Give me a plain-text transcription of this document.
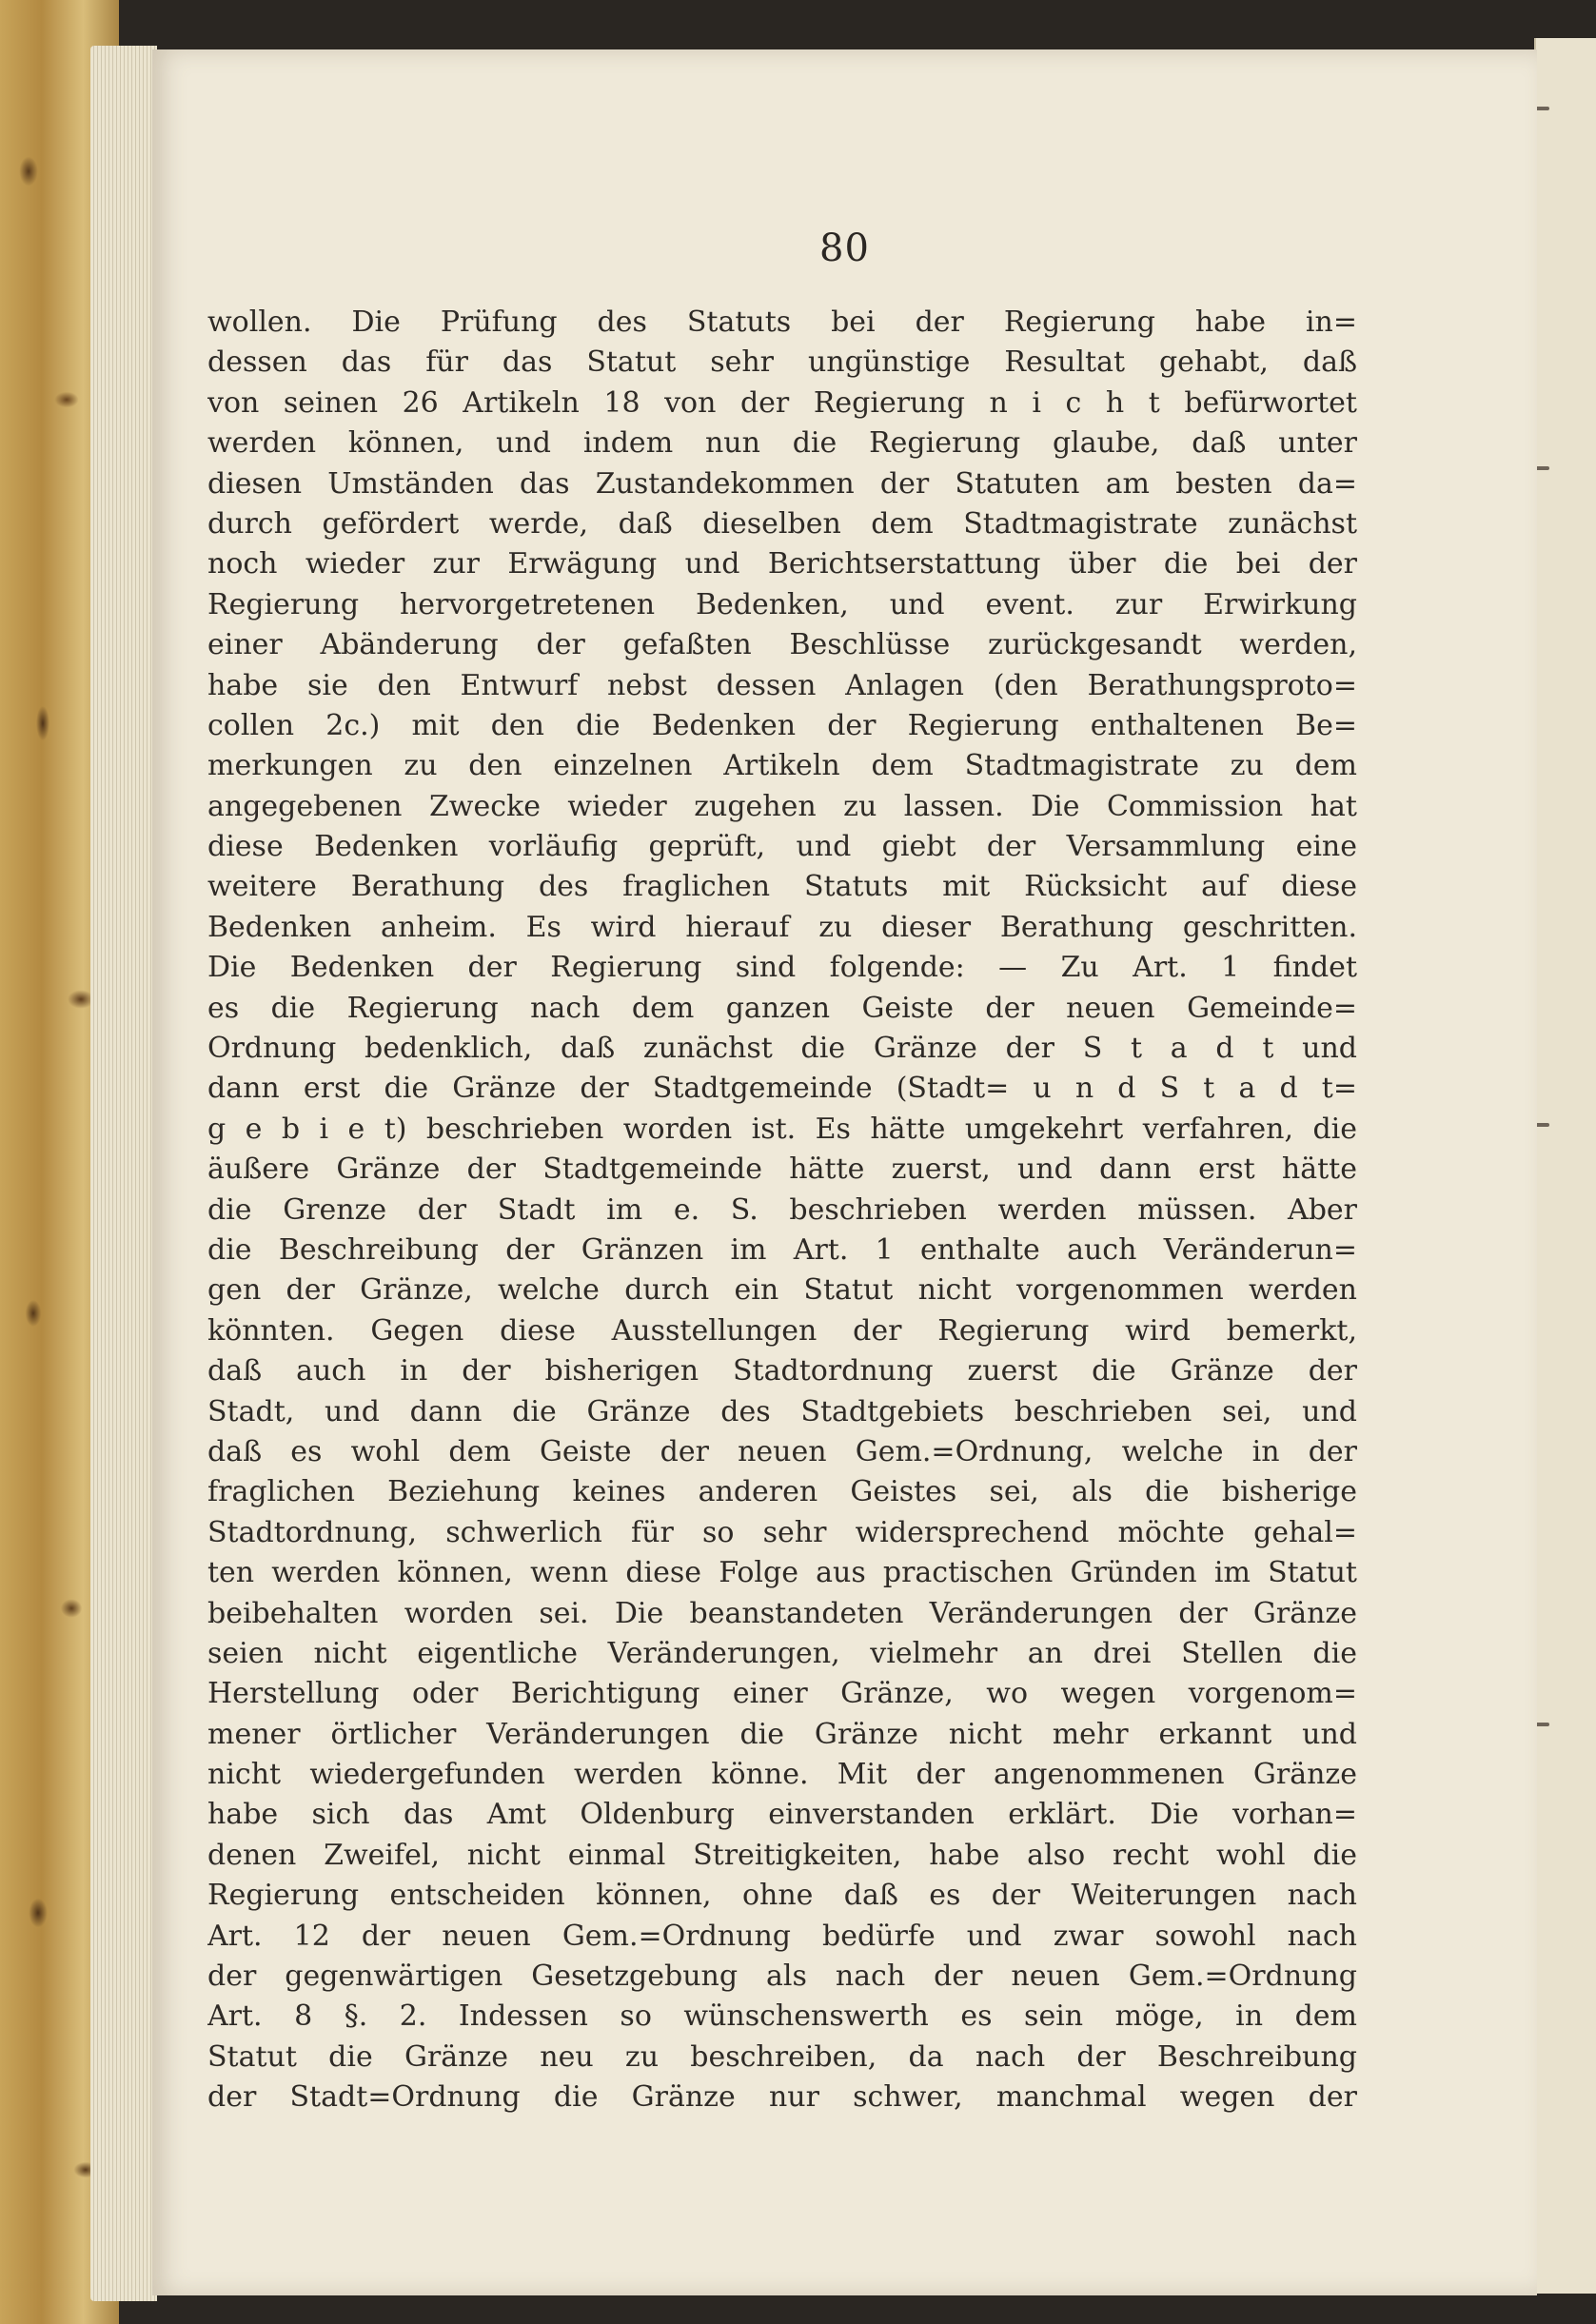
80
wollen. Die Prüfung des Statuts bei der Regierung habe in=
dessen das für das Statut sehr ungünstige Resultat gehabt, daß
von seinen 26 Artikeln 18 von der Regierung n i c h t befürwortet
werden können, und indem nun die Regierung glaube, daß unter
diesen Umständen das Zustandekommen der Statuten am besten da=
durch gefördert werde, daß dieselben dem Stadtmagistrate zunächst
noch wieder zur Erwägung und Berichtserstattung über die bei der
Regierung hervorgetretenen Bedenken, und event. zur Erwirkung
einer Abänderung der gefaßten Beschlüsse zurückgesandt werden,
habe sie den Entwurf nebst dessen Anlagen (den Berathungsproto=
collen 2c.) mit den die Bedenken der Regierung enthaltenen Be=
merkungen zu den einzelnen Artikeln dem Stadtmagistrate zu dem
angegebenen Zwecke wieder zugehen zu lassen. Die Commission hat
diese Bedenken vorläufig geprüft, und giebt der Versammlung eine
weitere Berathung des fraglichen Statuts mit Rücksicht auf diese
Bedenken anheim. Es wird hierauf zu dieser Berathung geschritten.
Die Bedenken der Regierung sind folgende: — Zu Art. 1 findet
es die Regierung nach dem ganzen Geiste der neuen Gemeinde=
Ordnung bedenklich, daß zunächst die Gränze der S t a d t und
dann erst die Gränze der Stadtgemeinde (Stadt= u n d S t a d t=
g e b i e t) beschrieben worden ist. Es hätte umgekehrt verfahren, die
äußere Gränze der Stadtgemeinde hätte zuerst, und dann erst hätte
die Grenze der Stadt im e. S. beschrieben werden müssen. Aber
die Beschreibung der Gränzen im Art. 1 enthalte auch Veränderun=
gen der Gränze, welche durch ein Statut nicht vorgenommen werden
könnten. Gegen diese Ausstellungen der Regierung wird bemerkt,
daß auch in der bisherigen Stadtordnung zuerst die Gränze der
Stadt, und dann die Gränze des Stadtgebiets beschrieben sei, und
daß es wohl dem Geiste der neuen Gem.=Ordnung, welche in der
fraglichen Beziehung keines anderen Geistes sei, als die bisherige
Stadtordnung, schwerlich für so sehr widersprechend möchte gehal=
ten werden können, wenn diese Folge aus practischen Gründen im Statut
beibehalten worden sei. Die beanstandeten Veränderungen der Gränze
seien nicht eigentliche Veränderungen, vielmehr an drei Stellen die
Herstellung oder Berichtigung einer Gränze, wo wegen vorgenom=
mener örtlicher Veränderungen die Gränze nicht mehr erkannt und
nicht wiedergefunden werden könne. Mit der angenommenen Gränze
habe sich das Amt Oldenburg einverstanden erklärt. Die vorhan=
denen Zweifel, nicht einmal Streitigkeiten, habe also recht wohl die
Regierung entscheiden können, ohne daß es der Weiterungen nach
Art. 12 der neuen Gem.=Ordnung bedürfe und zwar sowohl nach
der gegenwärtigen Gesetzgebung als nach der neuen Gem.=Ordnung
Art. 8 §. 2. Indessen so wünschenswerth es sein möge, in dem
Statut die Gränze neu zu beschreiben, da nach der Beschreibung
der Stadt=Ordnung die Gränze nur schwer, manchmal wegen der
